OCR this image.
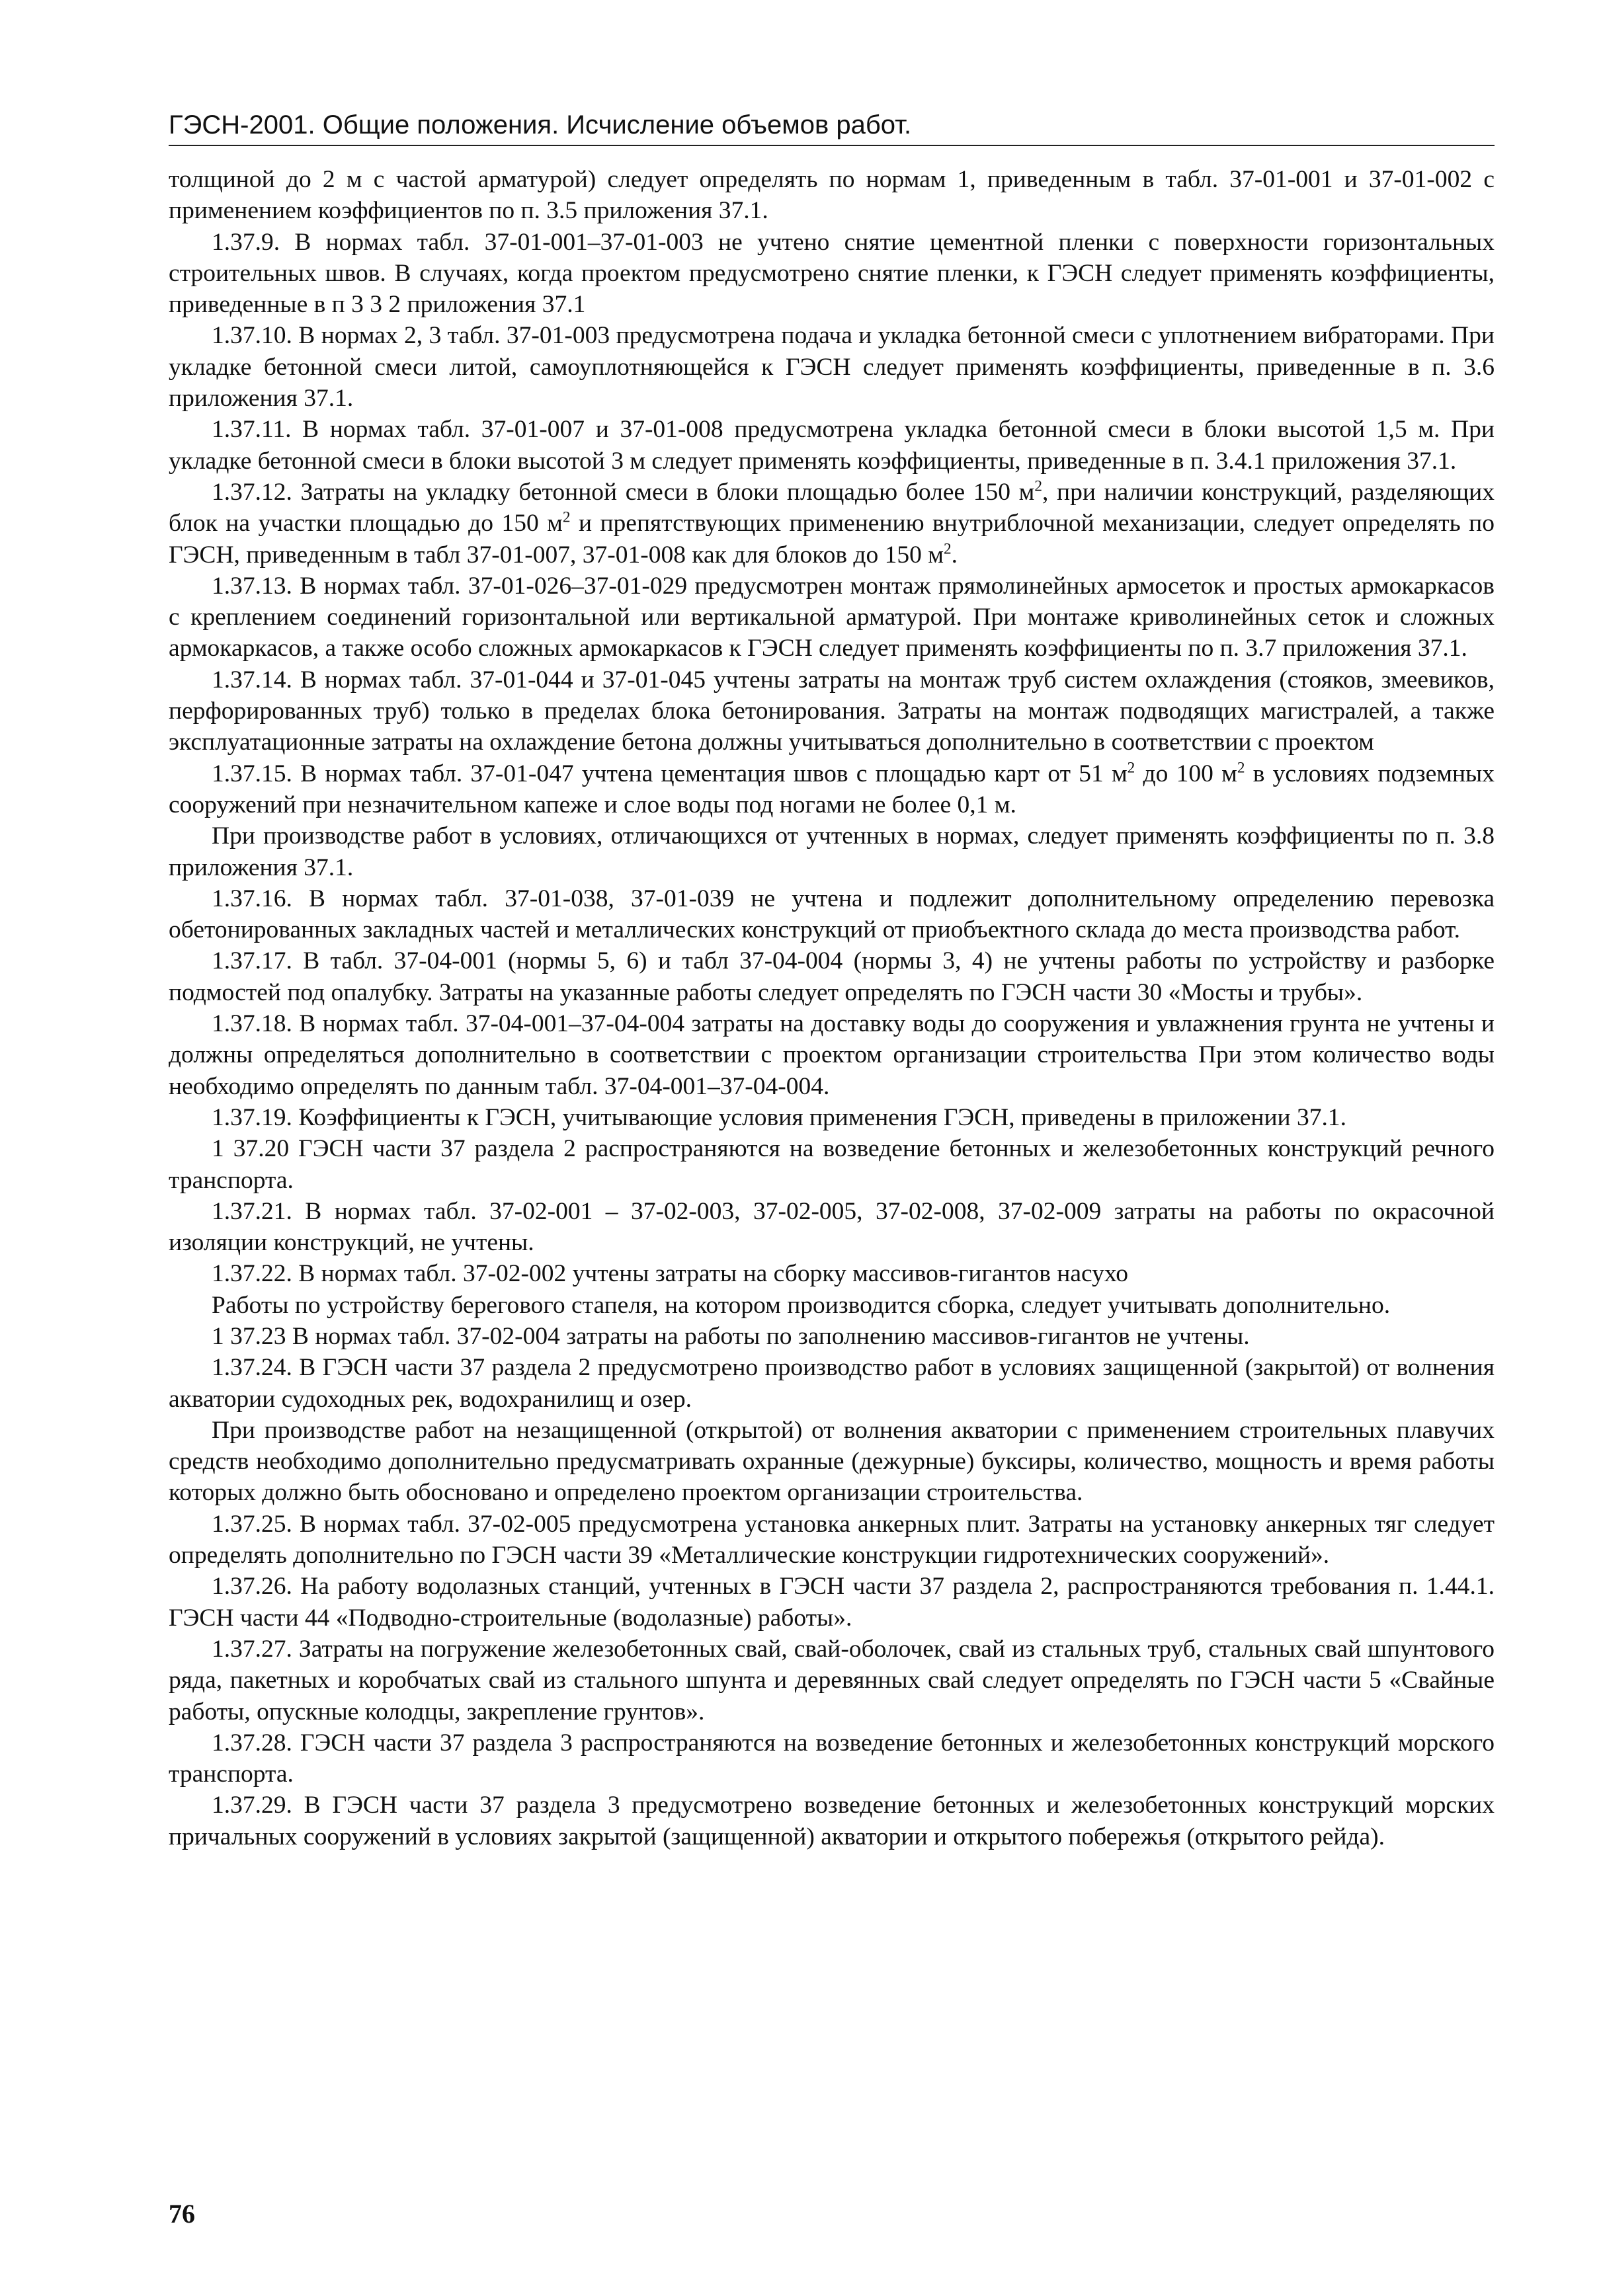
ГЭСН-2001. Общие положения. Исчисление объемов работ.

толщиной до 2 м с частой арматурой) следует определять по нормам 1, приведенным в табл. 37-01-001 и 37-01-002 с применением коэффициентов по п. 3.5 приложения 37.1.

1.37.9. В нормах табл. 37-01-001–37-01-003 не учтено снятие цементной пленки с поверхности горизонтальных строительных швов. В случаях, когда проектом предусмотрено снятие пленки, к ГЭСН следует применять коэффициенты, приведенные в п 3 3 2 приложения 37.1

1.37.10. В нормах 2, 3 табл. 37-01-003 предусмотрена подача и укладка бетонной смеси с уплотнением вибраторами. При укладке бетонной смеси литой, самоуплотняющейся к ГЭСН следует применять коэффициенты, приведенные в п. 3.6 приложения 37.1.

1.37.11. В нормах табл. 37-01-007 и 37-01-008 предусмотрена укладка бетонной смеси в блоки высотой 1,5 м. При укладке бетонной смеси в блоки высотой 3 м следует применять коэффициенты, приведенные в п. 3.4.1 приложения 37.1.

1.37.12. Затраты на укладку бетонной смеси в блоки площадью более 150 $м^2$, при наличии конструкций, разделяющих блок на участки площадью до 150 $м^2$ и препятствующих применению внутриблочной механизации, следует определять по ГЭСН, приведенным в табл 37-01-007, 37-01-008 как для блоков до 150 $м^2$.

1.37.13. В нормах табл. 37-01-026–37-01-029 предусмотрен монтаж прямолинейных армосеток и простых армокаркасов с креплением соединений горизонтальной или вертикальной арматурой. При монтаже криволинейных сеток и сложных армокаркасов, а также особо сложных армокаркасов к ГЭСН следует применять коэффициенты по п. 3.7 приложения 37.1.

1.37.14. В нормах табл. 37-01-044 и 37-01-045 учтены затраты на монтаж труб систем охлаждения (стояков, змеевиков, перфорированных труб) только в пределах блока бетонирования. Затраты на монтаж подводящих магистралей, а также эксплуатационные затраты на охлаждение бетона должны учитываться дополнительно в соответствии с проектом

1.37.15. В нормах табл. 37-01-047 учтена цементация швов с площадью карт от 51 $м^2$ до 100 $м^2$ в условиях подземных сооружений при незначительном капеже и слое воды под ногами не более 0,1 м.

При производстве работ в условиях, отличающихся от учтенных в нормах, следует применять коэффициенты по п. 3.8 приложения 37.1.

1.37.16. В нормах табл. 37-01-038, 37-01-039 не учтена и подлежит дополнительному определению перевозка обетонированных закладных частей и металлических конструкций от приобъектного склада до места производства работ.

1.37.17. В табл. 37-04-001 (нормы 5, 6) и табл 37-04-004 (нормы 3, 4) не учтены работы по устройству и разборке подмостей под опалубку. Затраты на указанные работы следует определять по ГЭСН части 30 «Мосты и трубы».

1.37.18. В нормах табл. 37-04-001–37-04-004 затраты на доставку воды до сооружения и увлажнения грунта не учтены и должны определяться дополнительно в соответствии с проектом организации строительства При этом количество воды необходимо определять по данным табл. 37-04-001–37-04-004.

1.37.19. Коэффициенты к ГЭСН, учитывающие условия применения ГЭСН, приведены в приложении 37.1.

1 37.20 ГЭСН части 37 раздела 2 распространяются на возведение бетонных и железобетонных конструкций речного транспорта.

1.37.21. В нормах табл. 37-02-001 – 37-02-003, 37-02-005, 37-02-008, 37-02-009 затраты на работы по окрасочной изоляции конструкций, не учтены.

1.37.22. В нормах табл. 37-02-002 учтены затраты на сборку массивов-гигантов насухо

Работы по устройству берегового стапеля, на котором производится сборка, следует учитывать дополнительно.

1 37.23 В нормах табл. 37-02-004 затраты на работы по заполнению массивов-гигантов не учтены.

1.37.24. В ГЭСН части 37 раздела 2 предусмотрено производство работ в условиях защищенной (закрытой) от волнения акватории судоходных рек, водохранилищ и озер.

При производстве работ на незащищенной (открытой) от волнения акватории с применением строительных плавучих средств необходимо дополнительно предусматривать охранные (дежурные) буксиры, количество, мощность и время работы которых должно быть обосновано и определено проектом организации строительства.

1.37.25. В нормах табл. 37-02-005 предусмотрена установка анкерных плит. Затраты на установку анкерных тяг следует определять дополнительно по ГЭСН части 39 «Металлические конструкции гидротехнических сооружений».

1.37.26. На работу водолазных станций, учтенных в ГЭСН части 37 раздела 2, распространяются требования п. 1.44.1. ГЭСН части 44 «Подводно-строительные (водолазные) работы».

1.37.27. Затраты на погружение железобетонных свай, свай-оболочек, свай из стальных труб, стальных свай шпунтового ряда, пакетных и коробчатых свай из стального шпунта и деревянных свай следует определять по ГЭСН части 5 «Свайные работы, опускные колодцы, закрепление грунтов».

1.37.28. ГЭСН части 37 раздела 3 распространяются на возведение бетонных и железобетонных конструкций морского транспорта.

1.37.29. В ГЭСН части 37 раздела 3 предусмотрено возведение бетонных и железобетонных конструкций морских причальных сооружений в условиях закрытой (защищенной) акватории и открытого побережья (открытого рейда).

76
